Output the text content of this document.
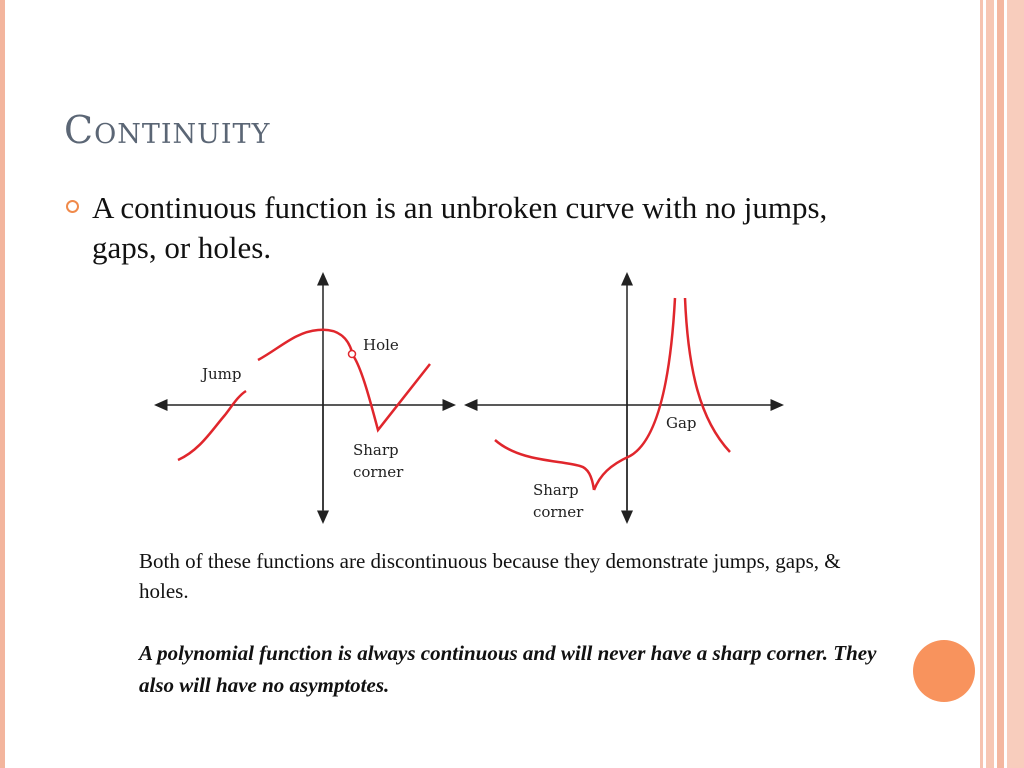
Continuity
A continuous function is an unbroken curve with no jumps, gaps, or holes.
Jump
Hole
Sharp
corner
Gap
Sharp
corner
Both of these functions are discontinuous because they demonstrate jumps, gaps, & holes.
A polynomial function is always continuous and will never have a sharp corner. They also will have no asymptotes.
